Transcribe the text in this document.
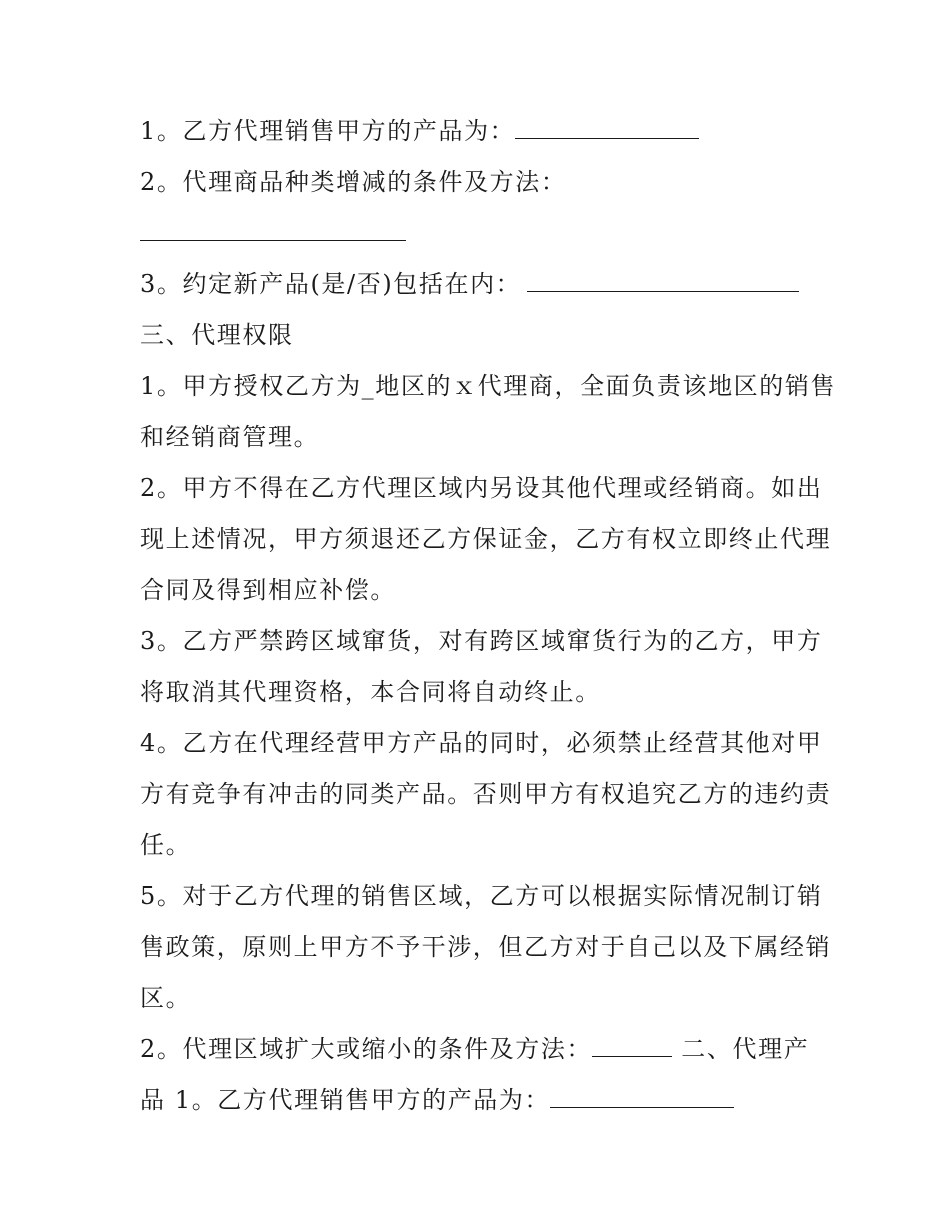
1。乙方代理销售甲方的产品为：
2。代理商品种类增减的条件及方法：
3。约定新产品(是/否)包括在内：
三、代理权限
1。甲方授权乙方为_地区的ｘ代理商，全面负责该地区的销售
和经销商管理。
2。甲方不得在乙方代理区域内另设其他代理或经销商。如出
现上述情况，甲方须退还乙方保证金，乙方有权立即终止代理
合同及得到相应补偿。
3。乙方严禁跨区域窜货，对有跨区域窜货行为的乙方，甲方
将取消其代理资格，本合同将自动终止。
4。乙方在代理经营甲方产品的同时，必须禁止经营其他对甲
方有竞争有冲击的同类产品。否则甲方有权追究乙方的违约责
任。
5。对于乙方代理的销售区域，乙方可以根据实际情况制订销
售政策，原则上甲方不予干涉，但乙方对于自己以及下属经销
区。
2。代理区域扩大或缩小的条件及方法：	二、代理产
品 1。乙方代理销售甲方的产品为：
